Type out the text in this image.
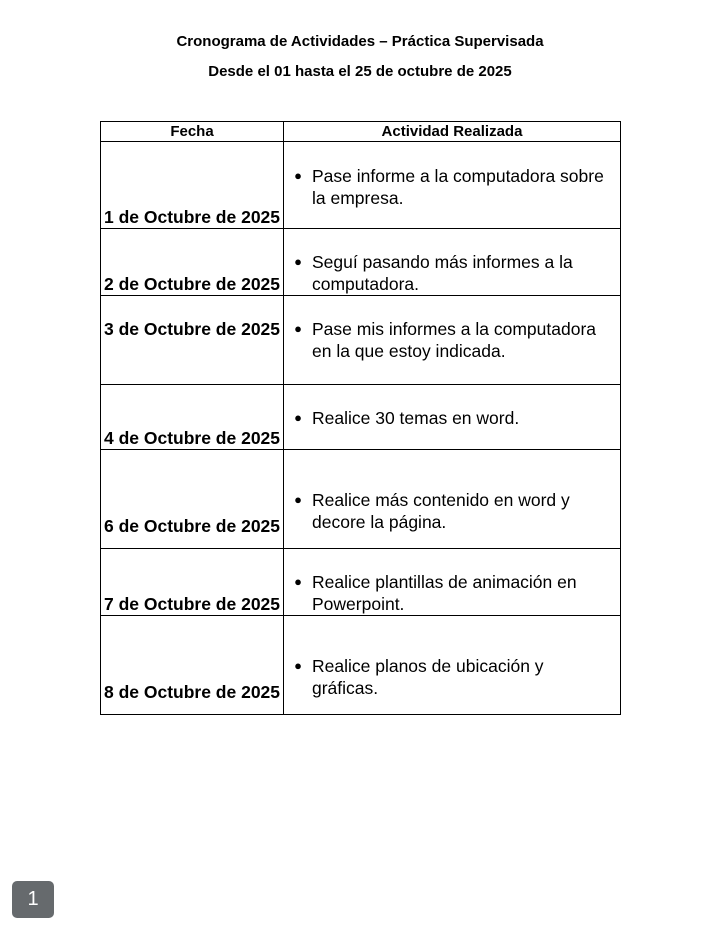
Cronograma de Actividades – Práctica Supervisada
Desde el 01 hasta el 25 de octubre de 2025
Fecha	Actividad Realizada
1 de Octubre de 2025	● Pase informe a la computadora sobre la empresa.

2 de Octubre de 2025	● Seguí pasando más informes a la computadora.

3 de Octubre de 2025	● Pase mis informes a la computadora en la que estoy indicada.

4 de Octubre de 2025	● Realice 30 temas en word.

6 de Octubre de 2025	● Realice más contenido en word y decore la página.

7 de Octubre de 2025	● Realice plantillas de animación en Powerpoint.

8 de Octubre de 2025	● Realice planos de ubicación y gráficas.
1
